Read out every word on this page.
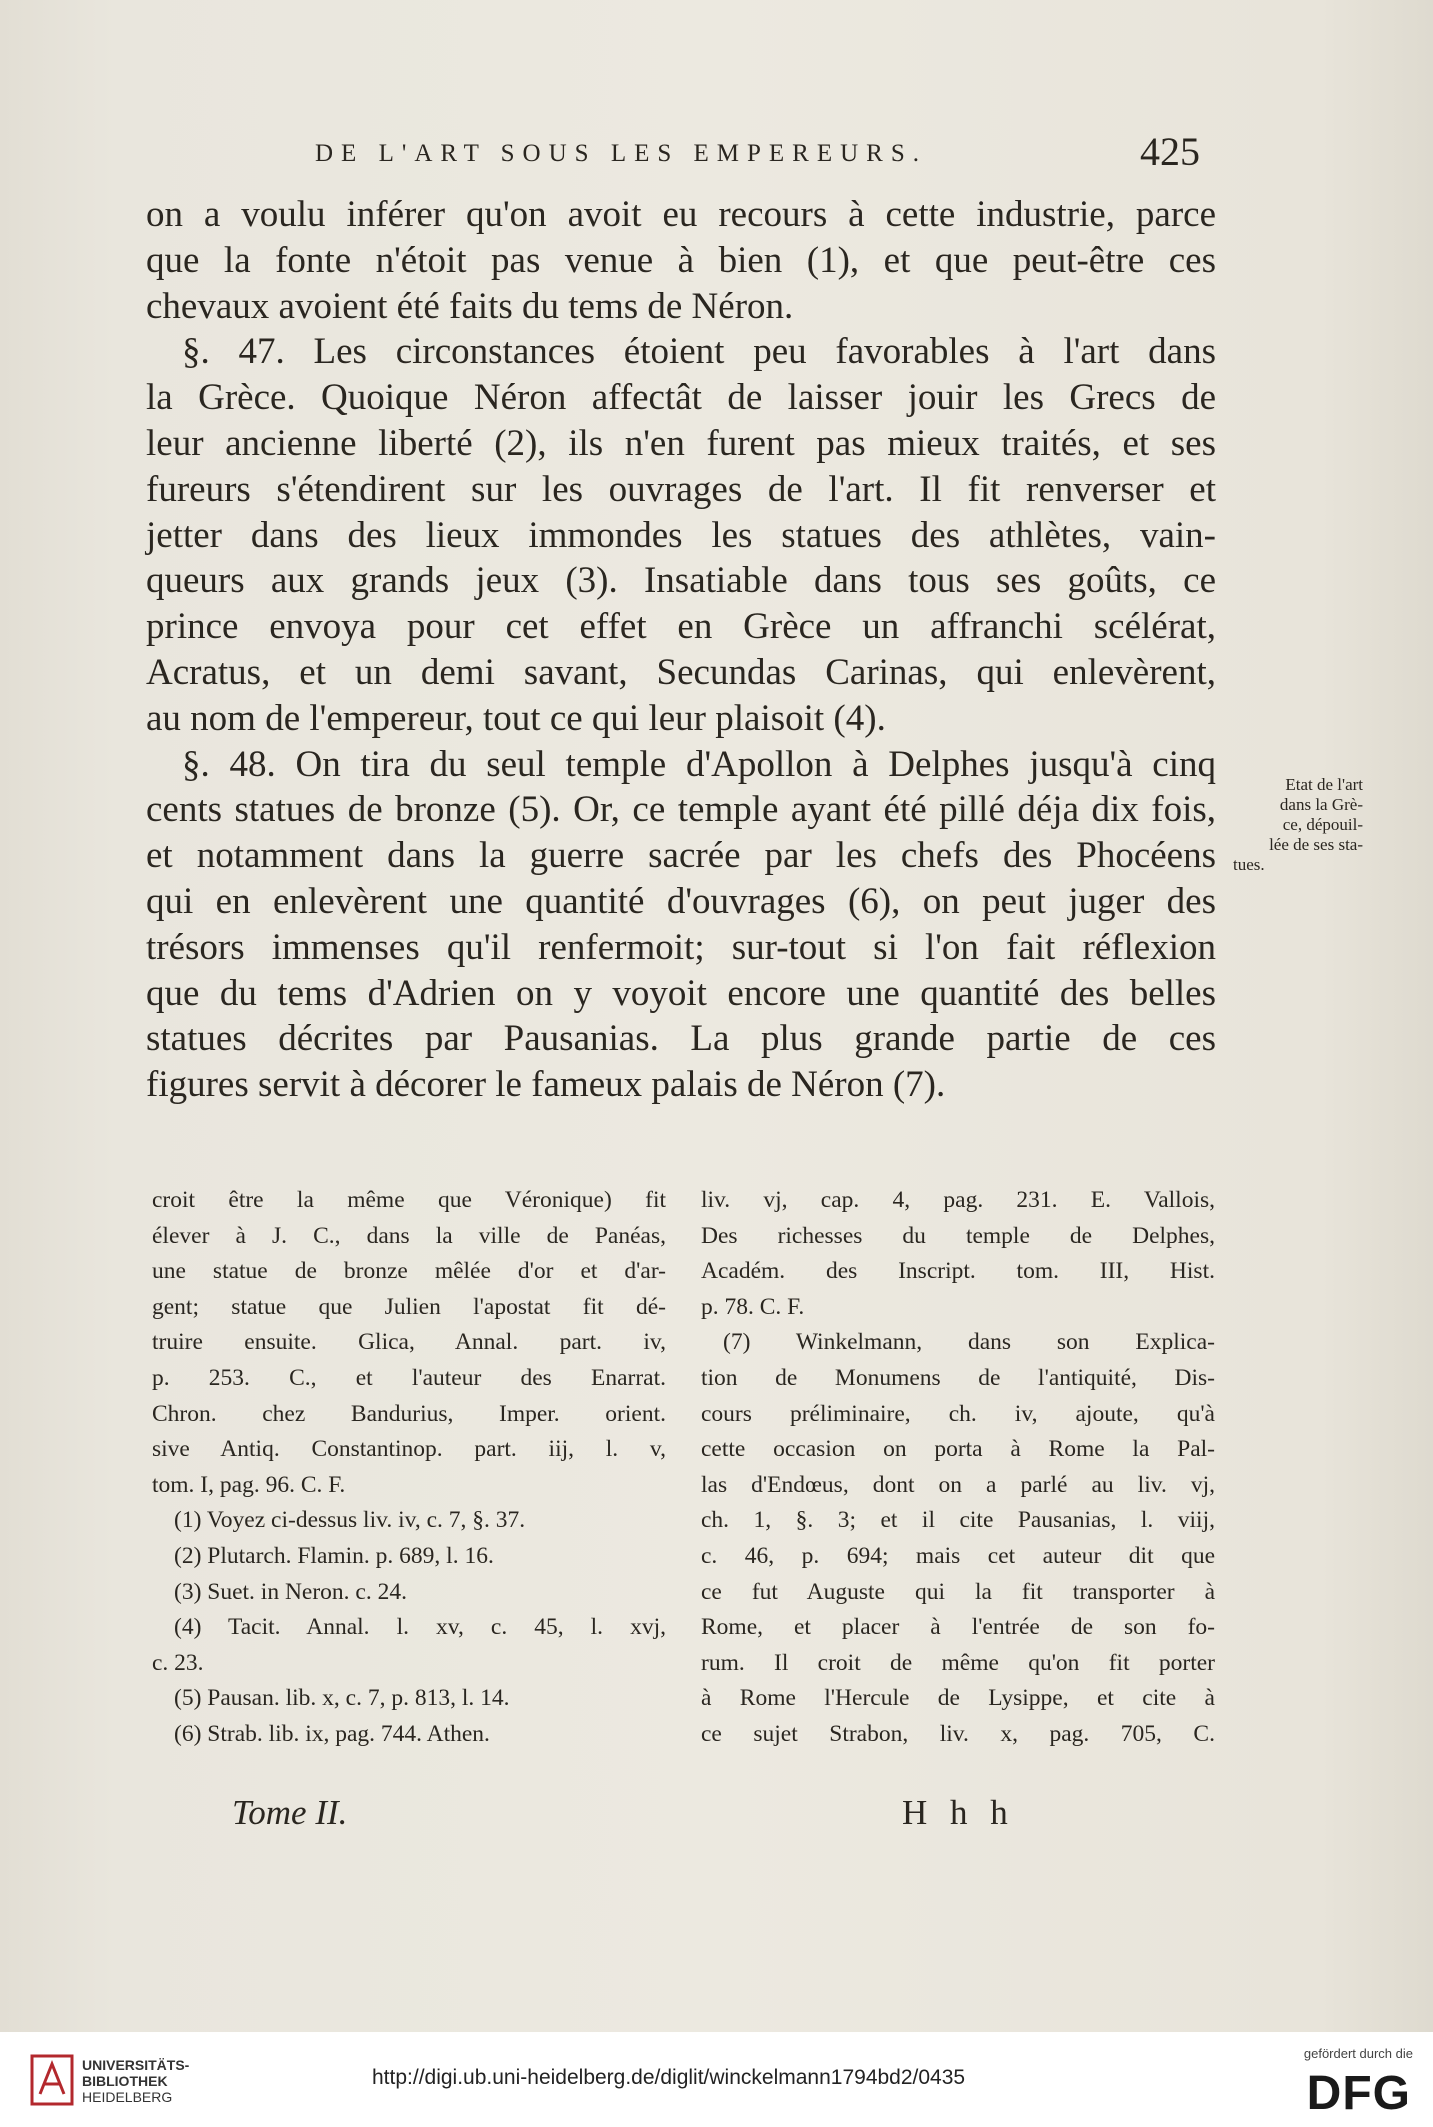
DE L'ART SOUS LES EMPEREURS.	425

on a voulu inférer qu'on avoit eu recours à cette industrie, parce

que la fonte n'étoit pas venue à bien (1), et que peut-être ces

chevaux avoient été faits du tems de Néron.

§. 47. Les circonstances étoient peu favorables à l'art dans

la Grèce. Quoique Néron affectât de laisser jouir les Grecs de

leur ancienne liberté (2), ils n'en furent pas mieux traités, et ses

fureurs s'étendirent sur les ouvrages de l'art. Il fit renverser et

jetter dans des lieux immondes les statues des athlètes, vain-

queurs aux grands jeux (3). Insatiable dans tous ses goûts, ce

prince envoya pour cet effet en Grèce un affranchi scélérat,

Acratus, et un demi savant, Secundas Carinas, qui enlevèrent,

au nom de l'empereur, tout ce qui leur plaisoit (4).

§. 48. On tira du seul temple d'Apollon à Delphes jusqu'à cinq

cents statues de bronze (5). Or, ce temple ayant été pillé déja dix fois,

et notamment dans la guerre sacrée par les chefs des Phocéens

qui en enlevèrent une quantité d'ouvrages (6), on peut juger des

trésors immenses qu'il renfermoit; sur-tout si l'on fait réflexion

que du tems d'Adrien on y voyoit encore une quantité des belles

statues décrites par Pausanias. La plus grande partie de ces

figures servit à décorer le fameux palais de Néron (7).

Etat de l'art
dans la Grè-
ce, dépouil-
lée de ses sta-
tues.

croit être la même que Véronique) fit

élever à J. C., dans la ville de Panéas,

une statue de bronze mêlée d'or et d'ar-

gent; statue que Julien l'apostat fit dé-

truire ensuite. Glica, Annal. part. iv,

p. 253. C., et l'auteur des Enarrat.

Chron. chez Bandurius, Imper. orient.

sive Antiq. Constantinop. part. iij, l. v,

tom. I, pag. 96. C. F.

(1) Voyez ci-dessus liv. iv, c. 7, §. 37.

(2) Plutarch. Flamin. p. 689, l. 16.

(3) Suet. in Neron. c. 24.

(4) Tacit. Annal. l. xv, c. 45, l. xvj,

c. 23.

(5) Pausan. lib. x, c. 7, p. 813, l. 14.

(6) Strab. lib. ix, pag. 744. Athen.

liv. vj, cap. 4, pag. 231. E. Vallois,

Des richesses du temple de Delphes,

Académ. des Inscript. tom. III, Hist.

p. 78. C. F.

(7) Winkelmann, dans son Explica-

tion de Monumens de l'antiquité, Dis-

cours préliminaire, ch. iv, ajoute, qu'à

cette occasion on porta à Rome la Pal-

las d'Endœus, dont on a parlé au liv. vj,

ch. 1, §. 3; et il cite Pausanias, l. viij,

c. 46, p. 694; mais cet auteur dit que

ce fut Auguste qui la fit transporter à

Rome, et placer à l'entrée de son fo-

rum. Il croit de même qu'on fit porter

à Rome l'Hercule de Lysippe, et cite à

ce sujet Strabon, liv. x, pag. 705, C.

Tome II.	H h h
UNIVERSITÄTS-
BIBLIOTHEK
HEIDELBERG
http://digi.ub.uni-heidelberg.de/diglit/winckelmann1794bd2/0435
gefördert durch die
DFG
